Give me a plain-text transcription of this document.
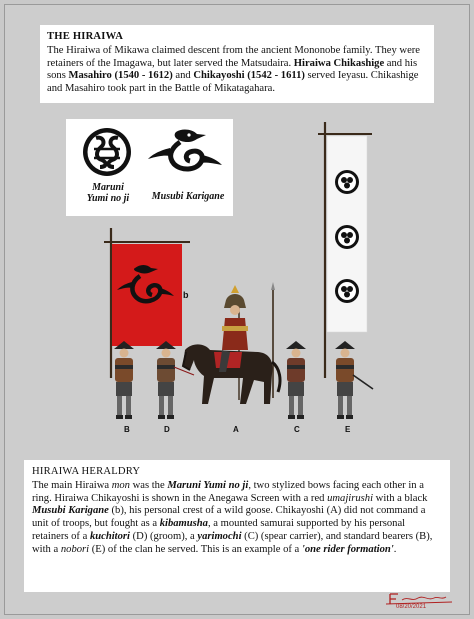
THE HIRAIWA

The Hiraiwa of Mikawa claimed descent from the ancient Mononobe family. They were retainers of the Imagawa, but later served the Matsudaira. Hiraiwa Chikashige and his sons Masahiro (1540 - 1612) and Chikayoshi (1542 - 1611) served Ieyasu. Chikashige and Masahiro took part in the Battle of Mikatagahara.

Maruni
Yumi no ji	Musubi Karigane
b
B	D	A	C	E
HIRAIWA HERALDRY

The main Hiraiwa mon was the Maruni Yumi no ji, two stylized bows facing each other in a ring. Hiraiwa Chikayoshi is shown in the Anegawa Screen with a red umajirushi with a black Musubi Karigane (b), his personal crest of a wild goose. Chikayoshi (A) did not command a unit of troops, but fought as a kibamusha, a mounted samurai supported by his personal retainers of a kuchitori (D) (groom), a yarimochi (C) (spear carrier), and standard bearers (B), with a nobori (E) of the clan he served. This is an example of a 'one rider formation'.

08/20/2021
